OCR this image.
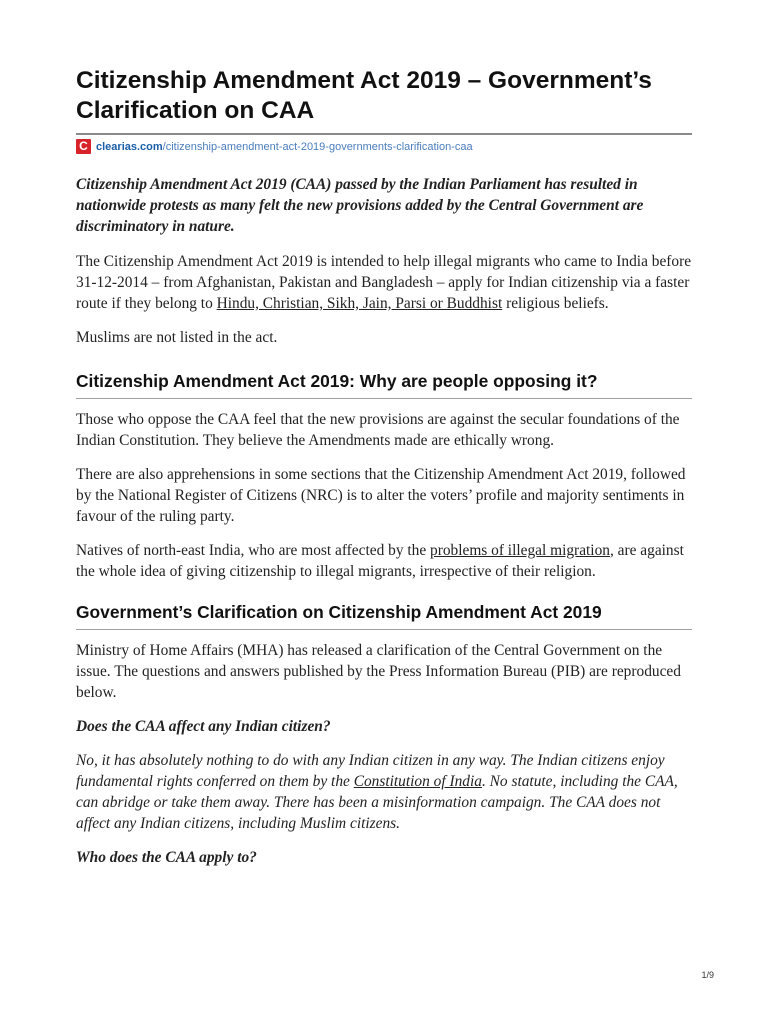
Citizenship Amendment Act 2019 – Government’s Clarification on CAA
C clearias.com/citizenship-amendment-act-2019-governments-clarification-caa

Citizenship Amendment Act 2019 (CAA) passed by the Indian Parliament has resulted in nationwide protests as many felt the new provisions added by the Central Government are discriminatory in nature.

The Citizenship Amendment Act 2019 is intended to help illegal migrants who came to India before 31-12-2014 – from Afghanistan, Pakistan and Bangladesh – apply for Indian citizenship via a faster route if they belong to Hindu, Christian, Sikh, Jain, Parsi or Buddhist religious beliefs.

Muslims are not listed in the act.

Citizenship Amendment Act 2019: Why are people opposing it?

Those who oppose the CAA feel that the new provisions are against the secular foundations of the Indian Constitution. They believe the Amendments made are ethically wrong.

There are also apprehensions in some sections that the Citizenship Amendment Act 2019, followed by the National Register of Citizens (NRC) is to alter the voters’ profile and majority sentiments in favour of the ruling party.

Natives of north-east India, who are most affected by the problems of illegal migration, are against the whole idea of giving citizenship to illegal migrants, irrespective of their religion.

Government’s Clarification on Citizenship Amendment Act 2019

Ministry of Home Affairs (MHA) has released a clarification of the Central Government on the issue. The questions and answers published by the Press Information Bureau (PIB) are reproduced below.

Does the CAA affect any Indian citizen?

No, it has absolutely nothing to do with any Indian citizen in any way. The Indian citizens enjoy fundamental rights conferred on them by the Constitution of India. No statute, including the CAA, can abridge or take them away. There has been a misinformation campaign. The CAA does not affect any Indian citizens, including Muslim citizens.

Who does the CAA apply to?

1/9
